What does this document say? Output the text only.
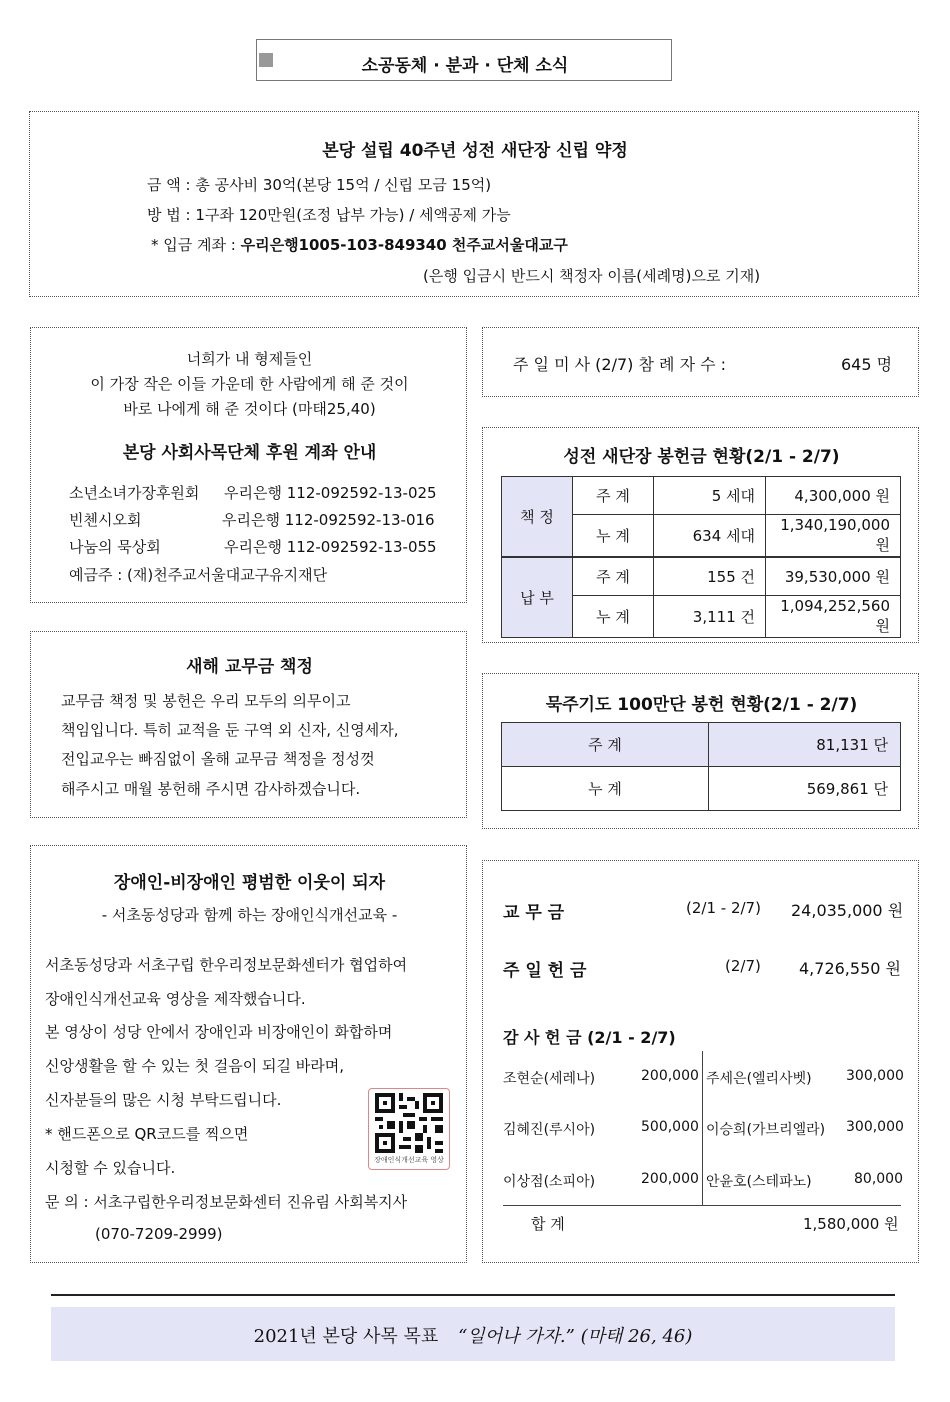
소공동체 · 분과 · 단체 소식
본당 설립 40주년 성전 새단장 신립 약정
금 액 : 총 공사비 30억(본당 15억 / 신립 모금 15억)
방 법 : 1구좌 120만원(조정 납부 가능) / 세액공제 가능
* 입금 계좌 : 우리은행1005-103-849340 천주교서울대교구
(은행 입금시 반드시 책정자 이름(세례명)으로 기재)
너희가 내 형제들인
이 가장 작은 이들 가운데 한 사람에게 해 준 것이
바로 나에게 해 준 것이다 (마태25,40)
본당 사회사목단체 후원 계좌 안내
소년소녀가장후원회 우리은행 112-092592-13-025
빈첸시오회	우리은행 112-092592-13-016
나눔의 묵상회	우리은행 112-092592-13-055
예금주 : (재)천주교서울대교구유지재단
주 일 미 사 (2/7) 참 례 자 수 :	645 명
성전 새단장 봉헌금 현황(2/1 - 2/7)
책 정	주 계	5 세대	4,300,000 원
	누 계	634 세대	1,340,190,000 원
납 부	주 계	155 건	39,530,000 원
	누 계	3,111 건	1,094,252,560 원
새해 교무금 책정
교무금 책정 및 봉헌은 우리 모두의 의무이고
책임입니다. 특히 교적을 둔 구역 외 신자, 신영세자,
전입교우는 빠짐없이 올해 교무금 책정을 정성껏
해주시고 매월 봉헌해 주시면 감사하겠습니다.
묵주기도 100만단 봉헌 현황(2/1 - 2/7)
주 계	81,131 단
누 계	569,861 단
장애인-비장애인 평범한 이웃이 되자
- 서초동성당과 함께 하는 장애인식개선교육 -
서초동성당과 서초구립 한우리정보문화센터가 협업하여
장애인식개선교육 영상을 제작했습니다.
본 영상이 성당 안에서 장애인과 비장애인이 화합하며
신앙생활을 할 수 있는 첫 걸음이 되길 바라며,
신자분들의 많은 시청 부탁드립니다.
* 핸드폰으로 QR코드를 찍으면
시청할 수 있습니다.
문 의 : 서초구립한우리정보문화센터 진유림 사회복지사
(070-7209-2999)
장애인식개선교육 영상
교 무 금	(2/1 - 2/7) 24,035,000 원
주 일 헌 금	(2/7) 4,726,550 원
감 사 헌 금 (2/1 - 2/7)
조현순(세레나)	200,000 주세은(엘리사벳) 300,000
김혜진(루시아)	500,000 이승희(가브리엘라) 300,000
이상점(소피아)	200,000 안윤호(스테파노)	80,000
합 계	1,580,000 원
2021년 본당 사목 목표 “일어나 가자.” (마태 26, 46)
